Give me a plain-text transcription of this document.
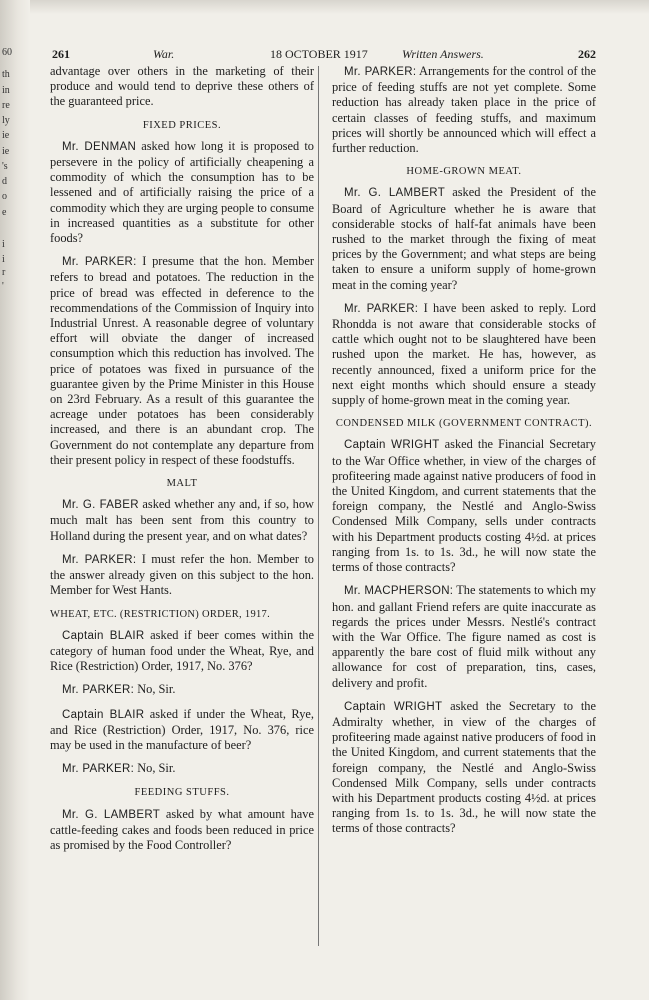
60
th
in
re
ly
ie
ie
's
d
o
e
i
i
r
'
261	War.	18 OCTOBER 1917	Written Answers.	262

advantage over others in the marketing of their produce and would tend to deprive these others of the guaranteed price.

FIXED PRICES.

Mr. DENMAN asked how long it is proposed to persevere in the policy of artificially cheapening a commodity of which the consumption has to be lessened and of artificially raising the price of a commodity which they are urging people to consume in increased quantities as a substitute for other foods?

Mr. PARKER: I presume that the hon. Member refers to bread and potatoes. The reduction in the price of bread was effected in deference to the recommendations of the Commission of Inquiry into Industrial Unrest. A reasonable degree of voluntary effort will obviate the danger of increased consumption which this reduction has involved. The price of potatoes was fixed in pursuance of the guarantee given by the Prime Minister in this House on 23rd February. As a result of this guarantee the acreage under potatoes has been considerably increased, and there is an abundant crop. The Government do not contemplate any departure from their present policy in respect of these foodstuffs.

MALT

Mr. G. FABER asked whether any and, if so, how much malt has been sent from this country to Holland during the present year, and on what dates?

Mr. PARKER: I must refer the hon. Member to the answer already given on this subject to the hon. Member for West Hants.

WHEAT, ETC. (RESTRICTION) ORDER, 1917.

Captain BLAIR asked if beer comes within the category of human food under the Wheat, Rye, and Rice (Restriction) Order, 1917, No. 376?

Mr. PARKER: No, Sir.

Captain BLAIR asked if under the Wheat, Rye, and Rice (Restriction) Order, 1917, No. 376, rice may be used in the manufacture of beer?

Mr. PARKER: No, Sir.

FEEDING STUFFS.

Mr. G. LAMBERT asked by what amount have cattle-feeding cakes and foods been reduced in price as promised by the Food Controller?

Mr. PARKER: Arrangements for the control of the price of feeding stuffs are not yet complete. Some reduction has already taken place in the price of certain classes of feeding stuffs, and maximum prices will shortly be announced which will effect a further reduction.

HOME-GROWN MEAT.

Mr. G. LAMBERT asked the President of the Board of Agriculture whether he is aware that considerable stocks of half-fat animals have been rushed to the market through the fixing of meat prices by the Government; and what steps are being taken to ensure a uniform supply of home-grown meat in the coming year?

Mr. PARKER: I have been asked to reply. Lord Rhondda is not aware that considerable stocks of cattle which ought not to be slaughtered have been rushed upon the market. He has, however, as recently announced, fixed a uniform price for the next eight months which should ensure a steady supply of home-grown meat in the coming year.

CONDENSED MILK (GOVERNMENT CONTRACT).

Captain WRIGHT asked the Financial Secretary to the War Office whether, in view of the charges of profiteering made against native producers of food in the United Kingdom, and current statements that the foreign company, the Nestlé and Anglo-Swiss Condensed Milk Company, sells under contracts with his Department products costing 4½d. at prices ranging from 1s. to 1s. 3d., he will now state the terms of those contracts?

Mr. MACPHERSON: The statements to which my hon. and gallant Friend refers are quite inaccurate as regards the prices under Messrs. Nestlé's contract with the War Office. The figure named as cost is apparently the bare cost of fluid milk without any allowance for cost of preparation, tins, cases, delivery and profit.

Captain WRIGHT asked the Secretary to the Admiralty whether, in view of the charges of profiteering made against native producers of food in the United Kingdom, and current statements that the foreign company, the Nestlé and Anglo-Swiss Condensed Milk Company, sells under contracts with his Department products costing 4½d. at prices ranging from 1s. to 1s. 3d., he will now state the terms of those contracts?
